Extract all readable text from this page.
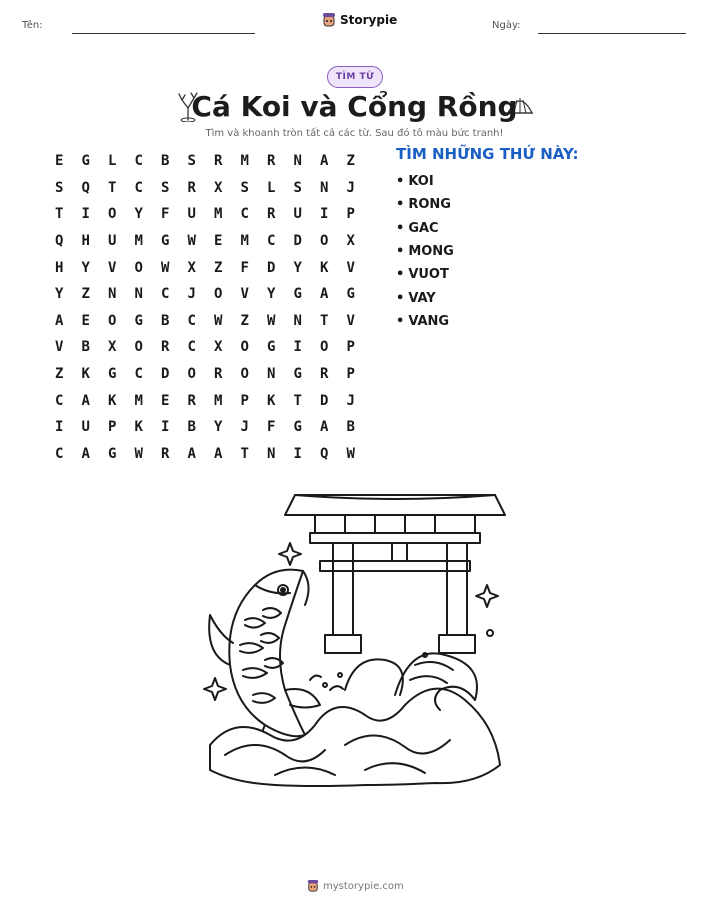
Tên:	Storypie	Ngày:
TÌM TỪ
Cá Koi và Cổng Rồng
Tìm và khoanh tròn tất cả các từ. Sau đó tô màu bức tranh!
E	G	L	C	B	S	R	M	R	N	A	Z
S	Q	T	C	S	R	X	S	L	S	N	J
T	I	O	Y	F	U	M	C	R	U	I	P
Q	H	U	M	G	W	E	M	C	D	O	X
H	Y	V	O	W	X	Z	F	D	Y	K	V
Y	Z	N	N	C	J	O	V	Y	G	A	G
A	E	O	G	B	C	W	Z	W	N	T	V
V	B	X	O	R	C	X	O	G	I	O	P
Z	K	G	C	D	O	R	O	N	G	R	P
C	A	K	M	E	R	M	P	K	T	D	J
I	U	P	K	I	B	Y	J	F	G	A	B
C	A	G	W	R	A	A	T	N	I	Q	W
TÌM NHỮNG THỨ NÀY:
• KOI
• RONG
• GAC
• MONG
• VUOT
• VAY
• VANG
mystorypie.com
